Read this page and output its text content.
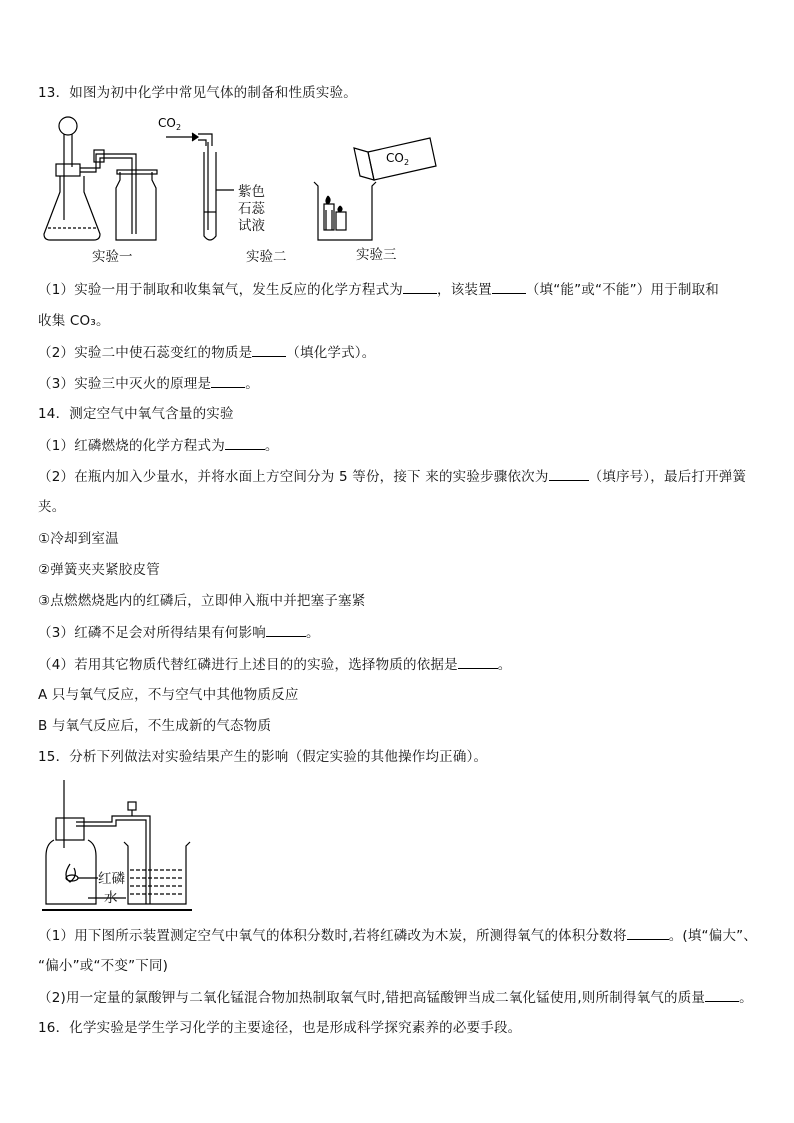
13．如图为初中化学中常见气体的制备和性质实验。
CO 2
CO 2
紫色
石蕊
试液
实验一	实验二	实验三
（1）实验一用于制取和收集氧气，发生反应的化学方程式为	，该装置	（填“能”或“不能”）用于制取和
收集 CO₃。
（2）实验二中使石蕊变红的物质是	（填化学式）。
（3）实验三中灭火的原理是	。
14．测定空气中氧气含量的实验
（1）红磷燃烧的化学方程式为	。
（2）在瓶内加入少量水，并将水面上方空间分为 5 等份，接下 来的实验步骤依次为	（填序号），最后打开弹簧
夹。
①冷却到室温
②弹簧夹夹紧胶皮管
③点燃燃烧匙内的红磷后，立即伸入瓶中并把塞子塞紧
（3）红磷不足会对所得结果有何影响	。
（4）若用其它物质代替红磷进行上述目的的实验，选择物质的依据是	。
A 只与氧气反应，不与空气中其他物质反应
B 与氧气反应后，不生成新的气态物质
15．分析下列做法对实验结果产生的影响（假定实验的其他操作均正确）。
红磷
水
（1）用下图所示装置测定空气中氧气的体积分数时,若将红磷改为木炭，所测得氧气的体积分数将	。(填“偏大”、
“偏小”或“不变”下同)
（2)用一定量的氯酸钾与二氧化锰混合物加热制取氧气时,错把高锰酸钾当成二氧化锰使用,则所制得氧气的质量	。
16．化学实验是学生学习化学的主要途径，也是形成科学探究素养的必要手段。
